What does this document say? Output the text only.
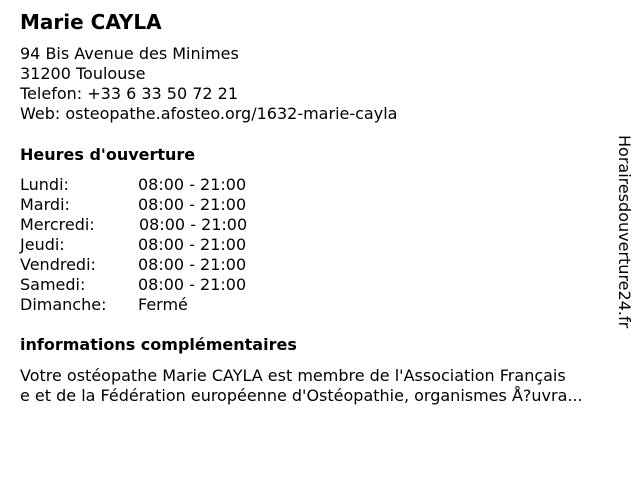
Marie CAYLA
94 Bis Avenue des Minimes
31200 Toulouse
Telefon: +33 6 33 50 72 21
Web: osteopathe.afosteo.org/1632-marie-cayla
Heures d'ouverture
Lundi:	08:00 - 21:00
Mardi:	08:00 - 21:00
Mercredi:	08:00 - 21:00
Jeudi:	08:00 - 21:00
Vendredi:	08:00 - 21:00
Samedi:	08:00 - 21:00
Dimanche: Fermé
informations complémentaires
Votre ostéopathe Marie CAYLA est membre de l'Association Français
e et de la Fédération européenne d'Ostéopathie, organismes Å?uvra...
Horairesdouverture24.fr
